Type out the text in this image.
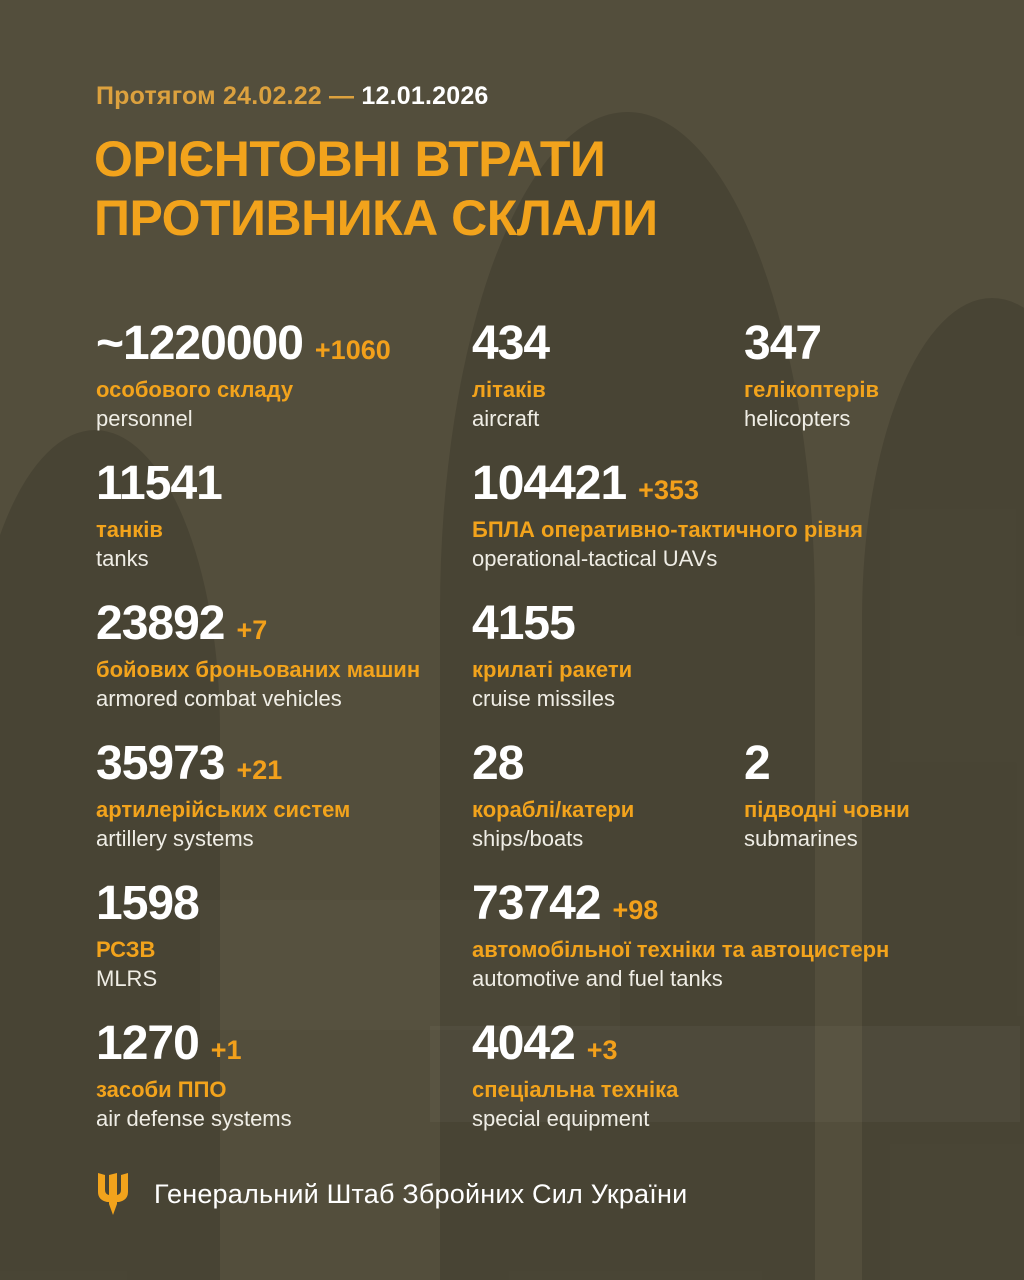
Протягом 24.02.22 — 12.01.2026
ОРІЄНТОВНІ ВТРАТИ
ПРОТИВНИКА СКЛАЛИ
~1220000 +1060
особового складу
personnel
434
літаків
aircraft
347
гелікоптерів
helicopters
11541
танків
tanks
104421 +353
БПЛА оперативно-тактичного рівня
operational-tactical UAVs
23892 +7
бойових броньованих машин
armored combat vehicles
4155
крилаті ракети
cruise missiles
35973 +21
артилерійських систем
artillery systems
28
кораблі/катери
ships/boats
2
підводні човни
submarines
1598
РСЗВ
MLRS
73742 +98
автомобільної техніки та автоцистерн
automotive and fuel tanks
1270 +1
засоби ППО
air defense systems
4042 +3
спеціальна техніка
special equipment
Генеральний Штаб Збройних Сил України
